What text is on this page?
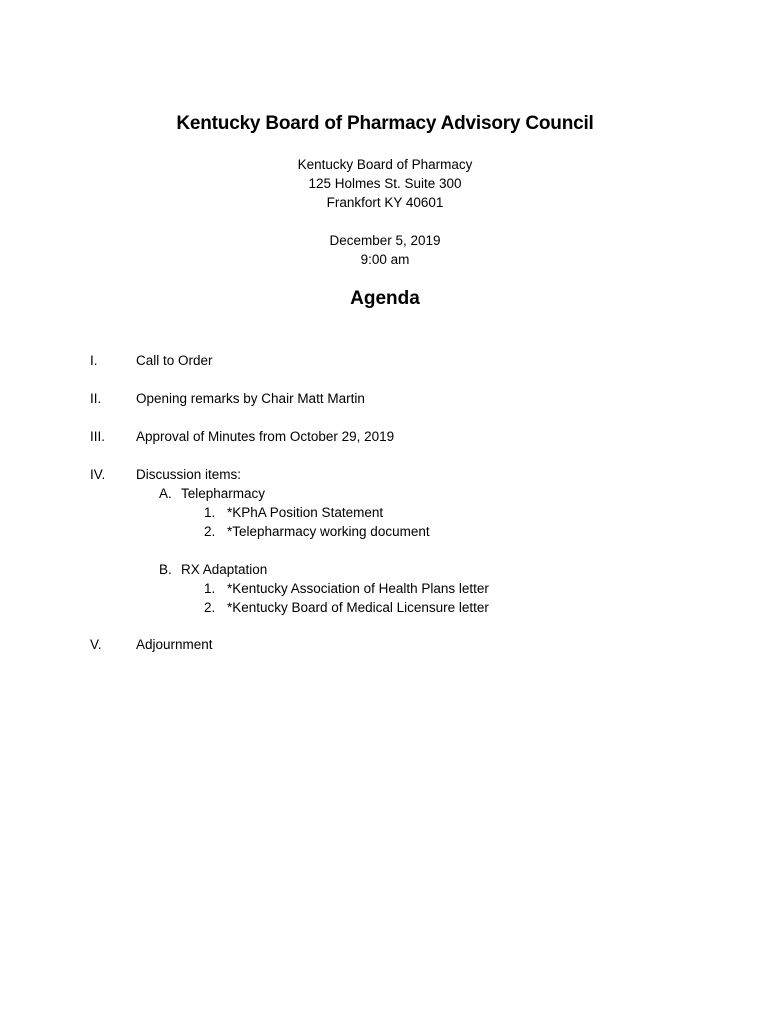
Kentucky Board of Pharmacy Advisory Council
Kentucky Board of Pharmacy
125 Holmes St. Suite 300
Frankfort KY 40601
December 5, 2019
9:00 am
Agenda
I.	Call to Order
II.	Opening remarks by Chair Matt Martin
III. Approval of Minutes from October 29, 2019
IV. Discussion items:
A. Telepharmacy
1. *KPhA Position Statement
2. *Telepharmacy working document
B. RX Adaptation
1. *Kentucky Association of Health Plans letter
2. *Kentucky Board of Medical Licensure letter
V.	Adjournment
